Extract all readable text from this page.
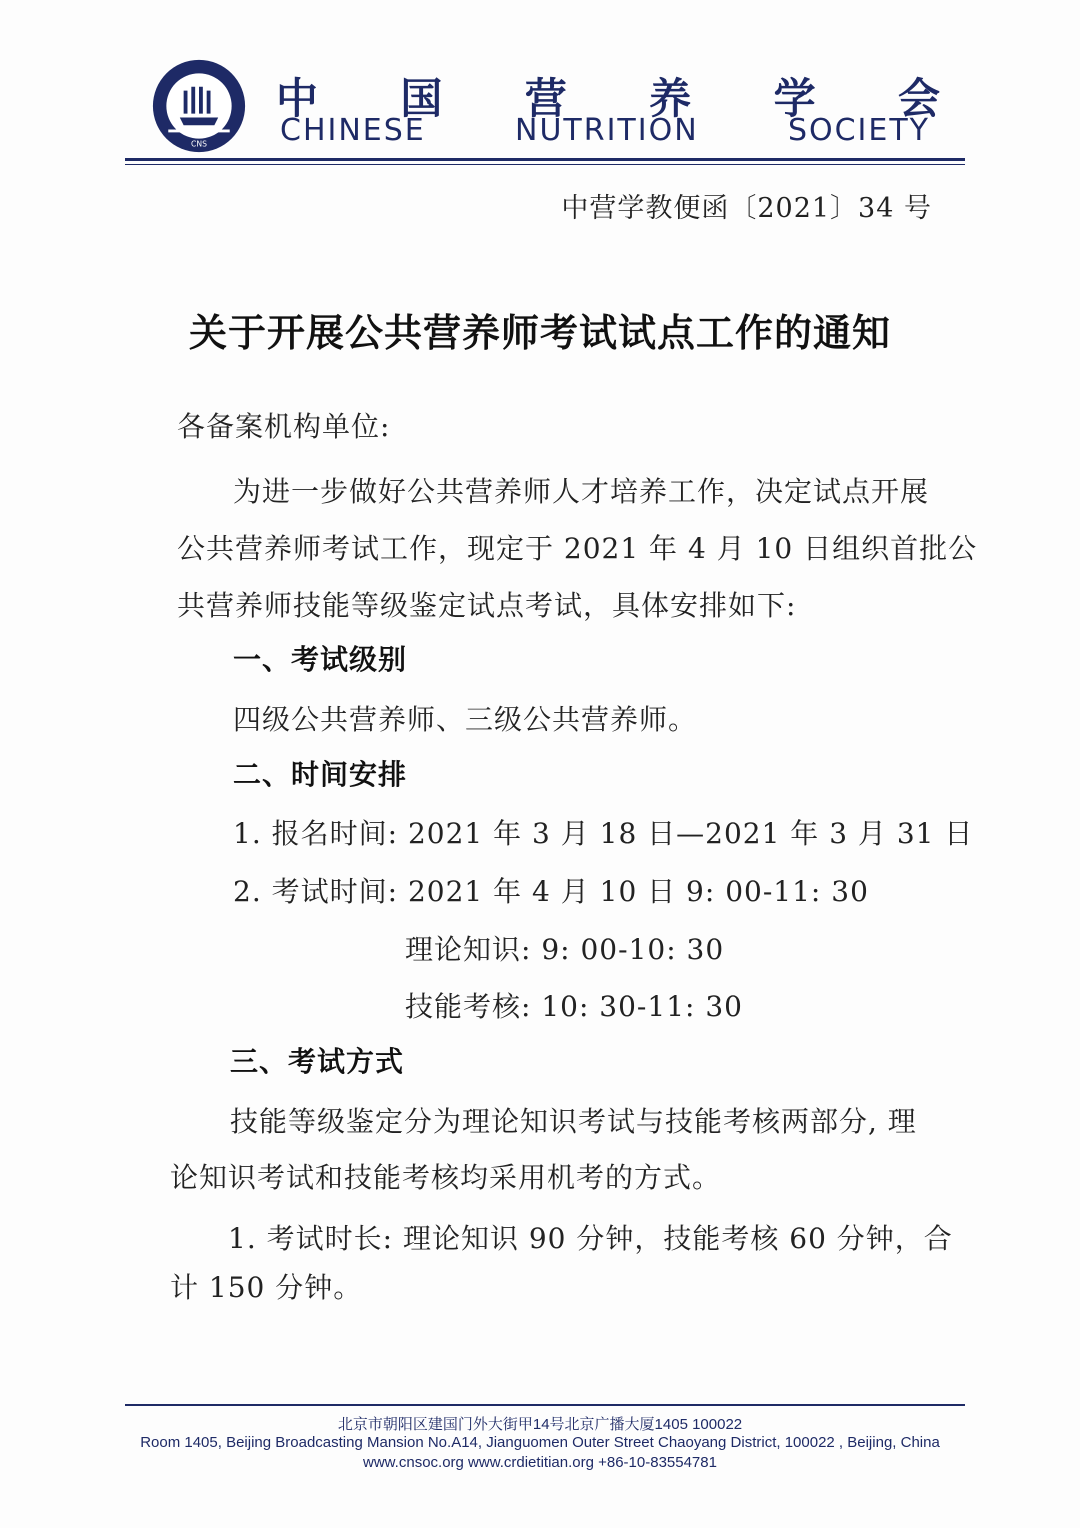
CNS
中 国 营 养 学 会
CHINESE	NUTRITION	SOCIETY
中营学教便函〔2021〕34 号
关于开展公共营养师考试试点工作的通知
各备案机构单位:
为进一步做好公共营养师人才培养工作，决定试点开展
公共营养师考试工作，现定于 2021 年 4 月 10 日组织首批公
共营养师技能等级鉴定试点考试，具体安排如下:
一、考试级别
四级公共营养师、三级公共营养师。
二、时间安排
1. 报名时间: 2021 年 3 月 18 日—2021 年 3 月 31 日
2. 考试时间: 2021 年 4 月 10 日 9: 00-11: 30
理论知识: 9: 00-10: 30
技能考核: 10: 30-11: 30
三、考试方式
技能等级鉴定分为理论知识考试与技能考核两部分, 理
论知识考试和技能考核均采用机考的方式。
1. 考试时长: 理论知识 90 分钟，技能考核 60 分钟，合
计 150 分钟。
北京市朝阳区建国门外大街甲14号北京广播大厦1405 100022
Room 1405, Beijing Broadcasting Mansion No.A14, Jianguomen Outer Street Chaoyang District, 100022 , Beijing, China
www.cnsoc.org www.crdietitian.org +86-10-83554781
